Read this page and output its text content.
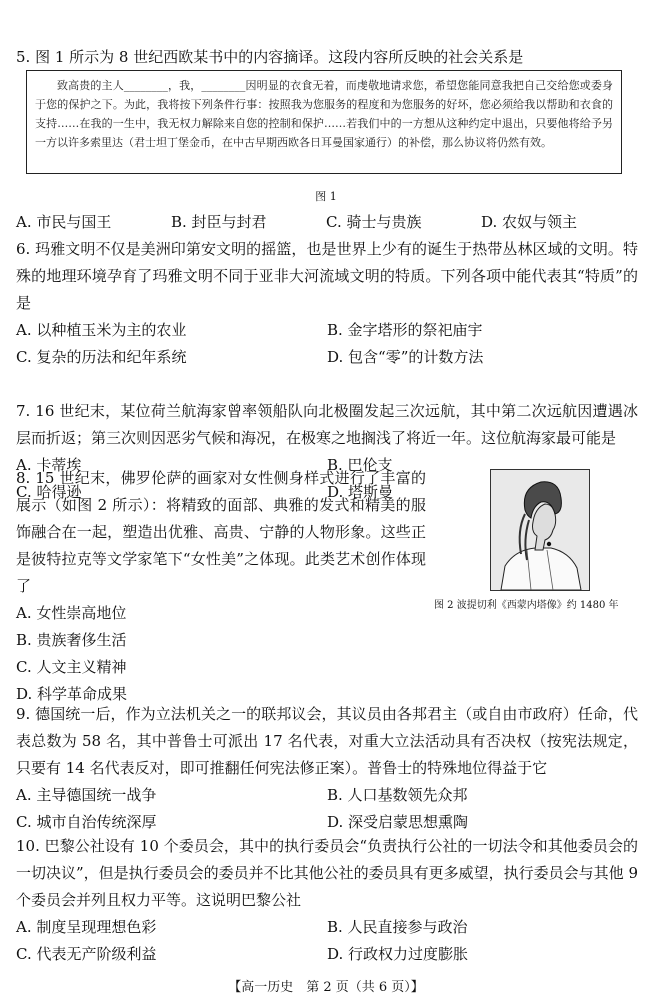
5. 图 1 所示为 8 世纪西欧某书中的内容摘译。这段内容所反映的社会关系是

致高贵的主人________，我，________因明显的衣食无着，而虔敬地请求您，希望您能同意我把自己交给您或委身于您的保护之下。为此，我将按下列条件行事：按照我为您服务的程度和为您服务的好坏，您必须给我以帮助和衣食的支持……在我的一生中，我无权力解除来自您的控制和保护……若我们中的一方想从这种约定中退出，只要他将给予另一方以许多索里达（君士坦丁堡金币，在中古早期西欧各日耳曼国家通行）的补偿，那么协议将仍然有效。
图 1
A. 市民与国王	B. 封臣与封君	C. 骑士与贵族	D. 农奴与领主

6. 玛雅文明不仅是美洲印第安文明的摇篮，也是世界上少有的诞生于热带丛林区域的文明。特殊的地理环境孕育了玛雅文明不同于亚非大河流域文明的特质。下列各项中能代表其“特质”的是

A. 以种植玉米为主的农业	B. 金字塔形的祭祀庙宇
C. 复杂的历法和纪年系统	D. 包含“零”的计数方法

7. 16 世纪末，某位荷兰航海家曾率领船队向北极圈发起三次远航，其中第二次远航因遭遇冰层而折返；第三次则因恶劣气候和海况，在极寒之地搁浅了将近一年。这位航海家最可能是

A. 卡蒂埃	B. 巴伦支
C. 哈得逊	D. 塔斯曼

8. 15 世纪末，佛罗伦萨的画家对女性侧身样式进行了丰富的展示（如图 2 所示）：将精致的面部、典雅的发式和精美的服饰融合在一起，塑造出优雅、高贵、宁静的人物形象。这些正是彼特拉克等文学家笔下“女性美”之体现。此类艺术创作体现了

A. 女性崇高地位
B. 贵族奢侈生活
C. 人文主义精神
D. 科学革命成果
图 2 波提切利《西蒙内塔像》约 1480 年

9. 德国统一后，作为立法机关之一的联邦议会，其议员由各邦君主（或自由市政府）任命，代表总数为 58 名，其中普鲁士可派出 17 名代表，对重大立法活动具有否决权（按宪法规定，只要有 14 名代表反对，即可推翻任何宪法修正案）。普鲁士的特殊地位得益于它

A. 主导德国统一战争	B. 人口基数领先众邦
C. 城市自治传统深厚	D. 深受启蒙思想熏陶

10. 巴黎公社设有 10 个委员会，其中的执行委员会“负责执行公社的一切法令和其他委员会的一切决议”，但是执行委员会的委员并不比其他公社的委员具有更多威望，执行委员会与其他 9 个委员会并列且权力平等。这说明巴黎公社

A. 制度呈现理想色彩	B. 人民直接参与政治
C. 代表无产阶级利益	D. 行政权力过度膨胀
【高一历史　第 2 页（共 6 页）】
